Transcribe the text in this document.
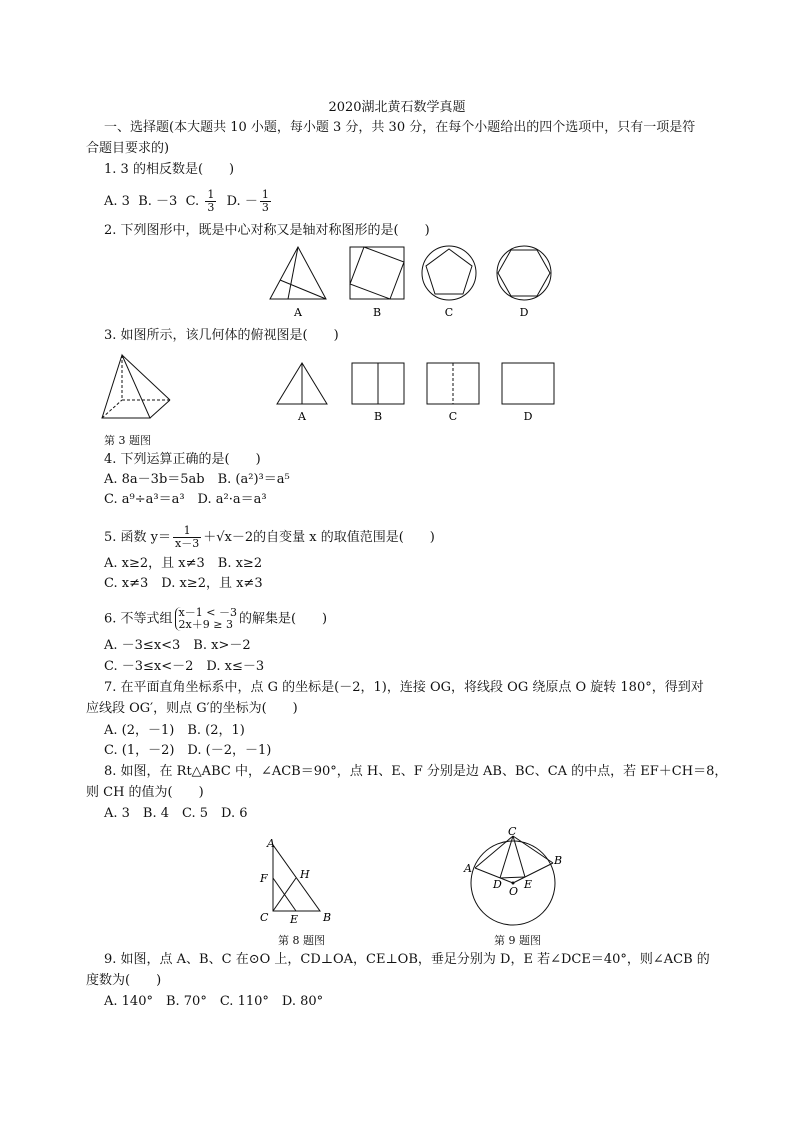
2020湖北黄石数学真题
一、选择题(本大题共 10 小题，每小题 3 分，共 30 分，在每个小题给出的四个选项中，只有一项是符
合题目要求的)
1. 3 的相反数是(　　)
A. 3 B. －3 C. $\frac{1}{3} D$. － $\frac{1}{3}$
2. 下列图形中，既是中心对称又是轴对称图形的是(　　)
A	B	C	D
3. 如图所示，该几何体的俯视图是(　　)
A	B	C	D
第 3 题图
4. 下列运算正确的是(　　)
A. 8a－3b＝5ab　B. (a²)³＝a⁵
C. a⁹÷a³＝a³　D. a²·a＝a³
5. 函数 $y= \frac{1}{x-3} +√x-2$的自变量 x 的取值范围是(　　)
A. x≥2，且 x≠3　B. x≥2
C. x≠3　D. x≥2，且 x≠3
6. 不等式组 x－1 < －3
2x＋9 ≥ 3 的解集是(　　)
A. －3≤x<3　B. x>－2
C. －3≤x<－2　D. x≤－3
7. 在平面直角坐标系中，点 G 的坐标是(－2，1)，连接 OG，将线段 OG 绕原点 O 旋转 180°，得到对
应线段 OG′，则点 G′的坐标为(　　)
A. (2，－1)　B. (2，1)
C. (1，－2)　D. (－2，－1)
8. 如图，在 Rt△ABC 中，∠ACB＝90°，点 H、E、F 分别是边 AB、BC、CA 的中点，若 EF＋CH＝8，
则 CH 的值为(　　)
A. 3　B. 4　C. 5　D. 6
A
F	H
C E B
第 8 题图
C
A
B
D
O
E
第 9 题图
9. 如图，点 A、B、C 在⊙O 上，CD⊥OA，CE⊥OB，垂足分别为 D，E 若∠DCE＝40°，则∠ACB 的
度数为(　　)
A. 140°　B. 70°　C. 110°　D. 80°
